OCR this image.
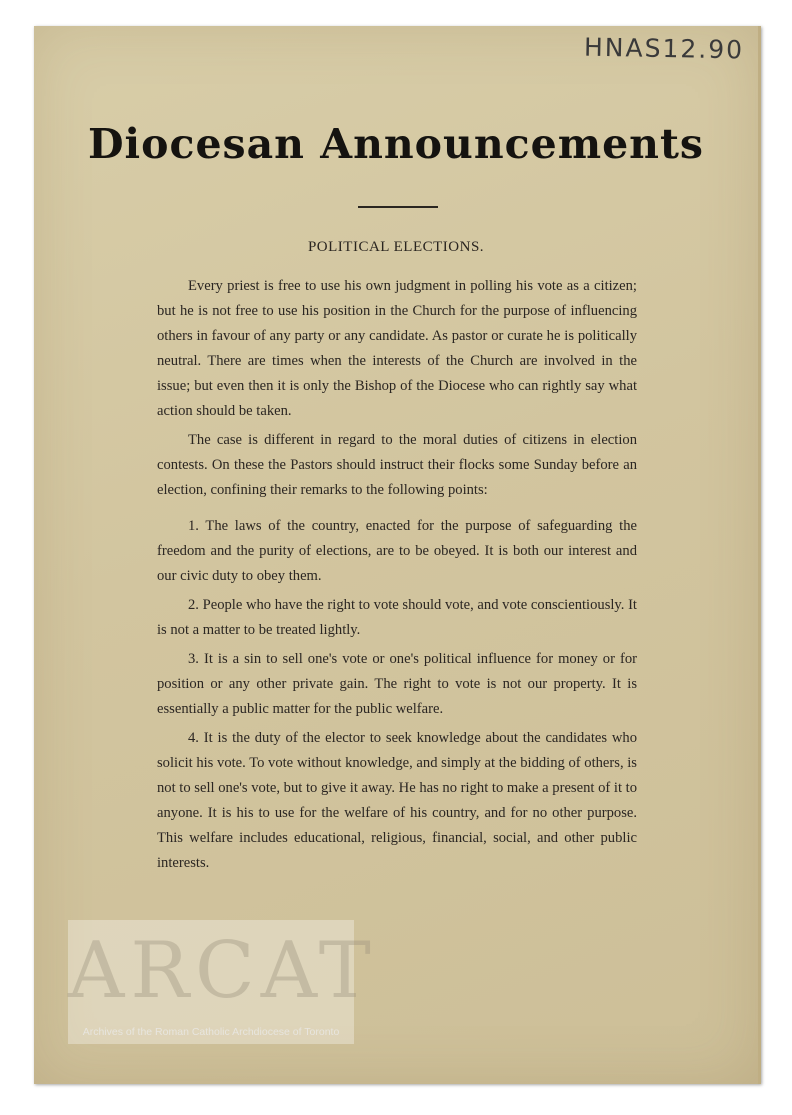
HNAS12.90
Diocesan Announcements
POLITICAL ELECTIONS.

Every priest is free to use his own judgment in polling his vote as a citizen; but he is not free to use his position in the Church for the purpose of influencing others in favour of any party or any candidate. As pastor or curate he is politically neutral. There are times when the interests of the Church are involved in the issue; but even then it is only the Bishop of the Diocese who can rightly say what action should be taken.

The case is different in regard to the moral duties of citizens in election contests. On these the Pastors should instruct their flocks some Sunday before an election, confining their remarks to the following points:

1. The laws of the country, enacted for the purpose of safeguarding the freedom and the purity of elections, are to be obeyed. It is both our interest and our civic duty to obey them.

2. People who have the right to vote should vote, and vote conscientiously. It is not a matter to be treated lightly.

3. It is a sin to sell one's vote or one's political influence for money or for position or any other private gain. The right to vote is not our property. It is essentially a public matter for the public welfare.

4. It is the duty of the elector to seek knowledge about the candidates who solicit his vote. To vote without knowledge, and simply at the bidding of others, is not to sell one's vote, but to give it away. He has no right to make a present of it to anyone. It is his to use for the welfare of his country, and for no other purpose. This welfare includes educational, religious, financial, social, and other public interests.

ARCAT
Archives of the Roman Catholic Archdiocese of Toronto
